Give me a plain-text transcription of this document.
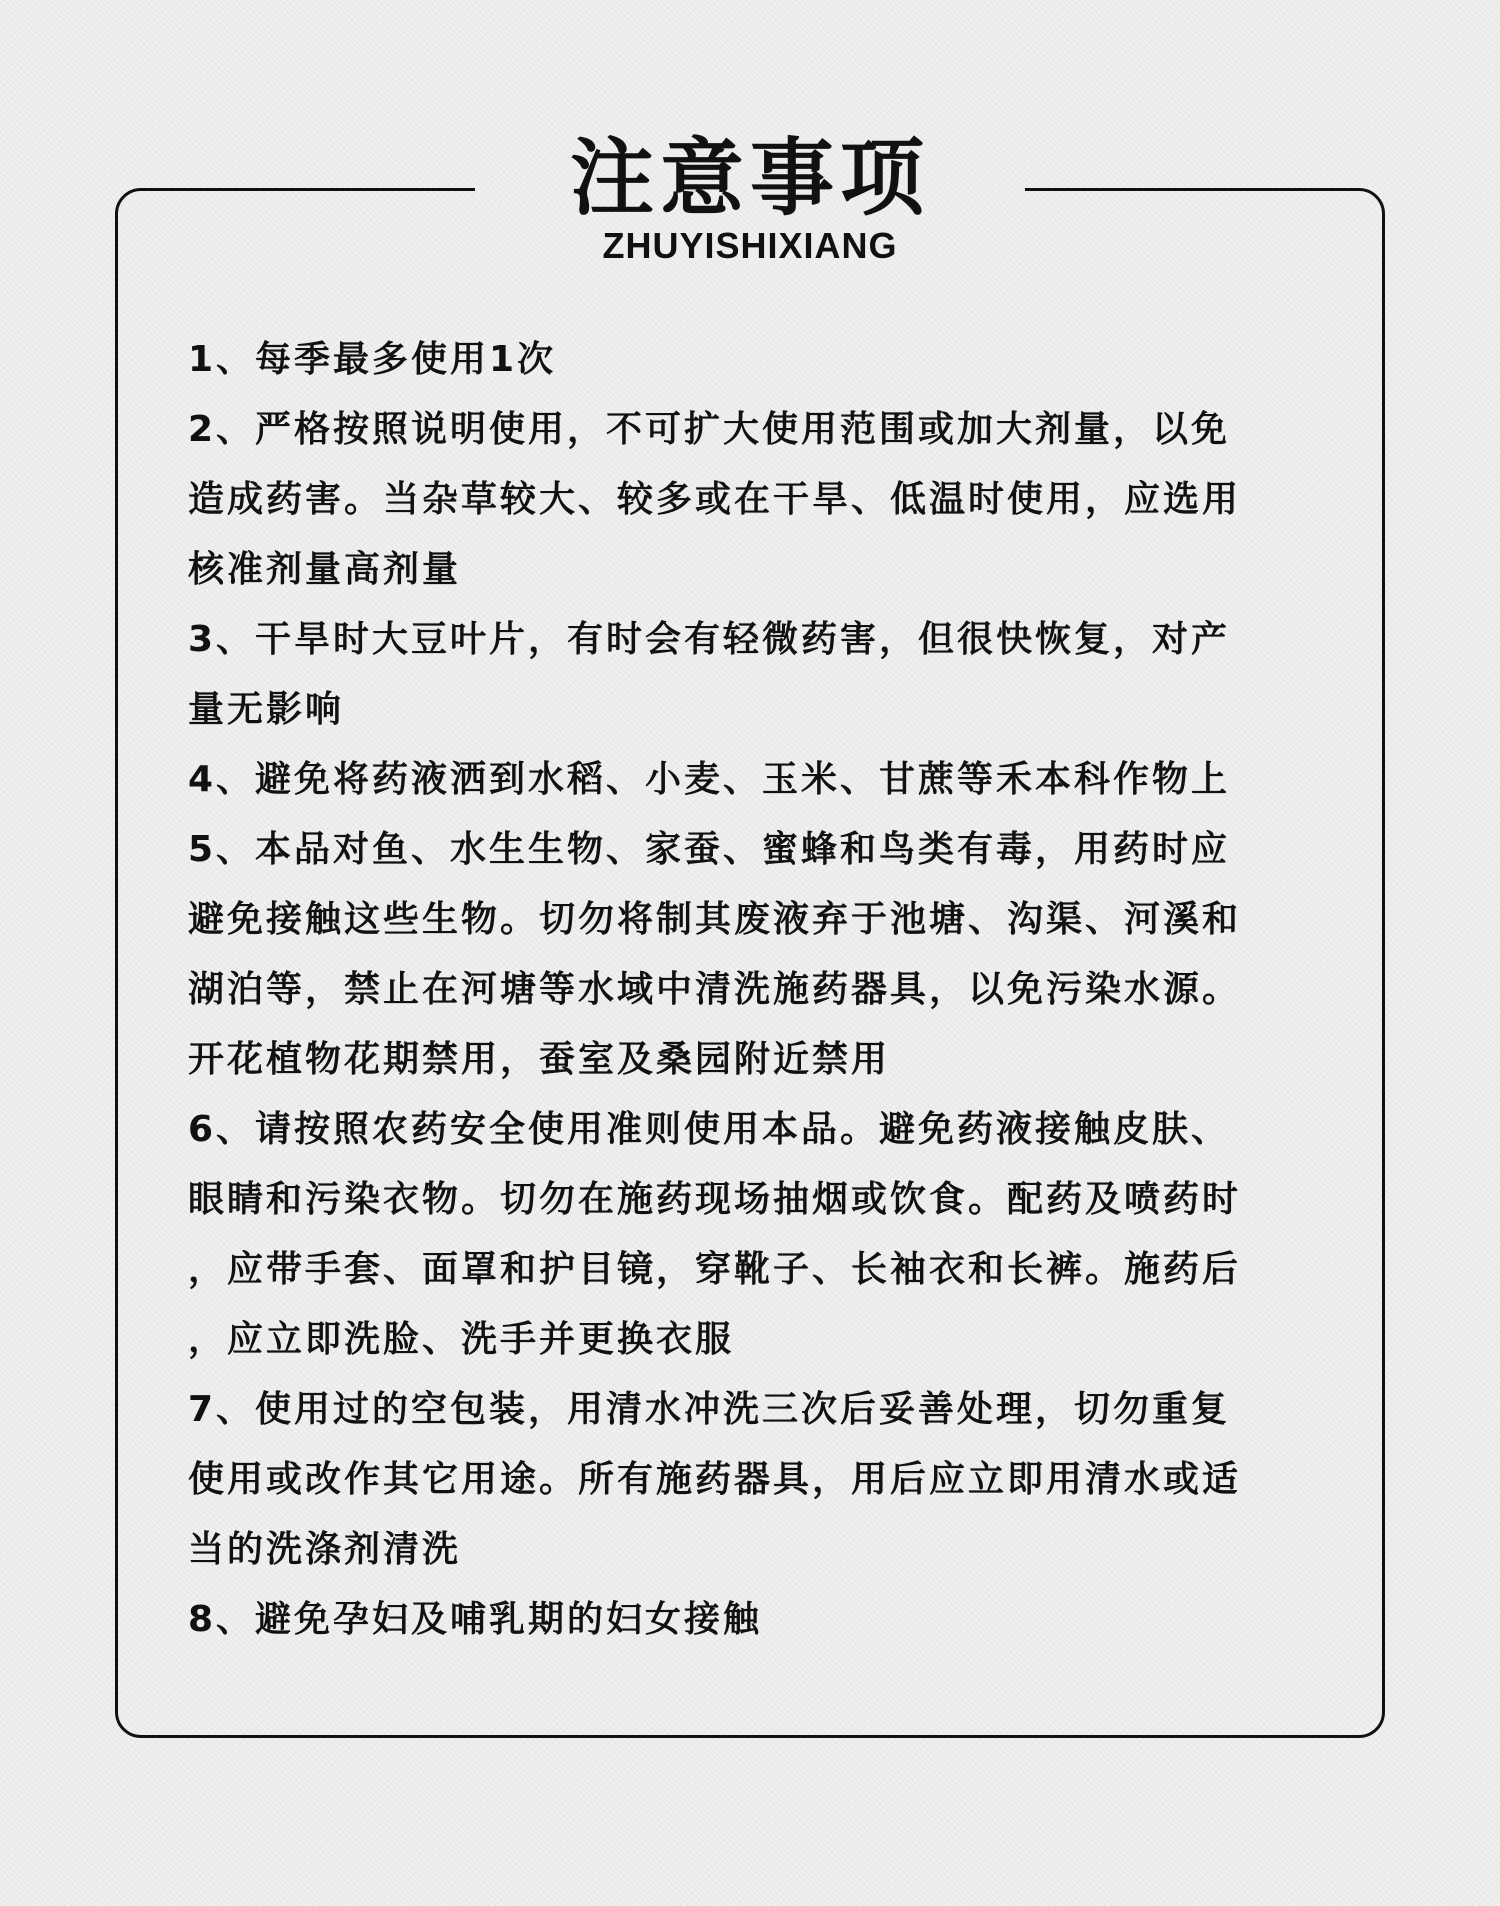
注意事项
ZHUYISHIXIANG
1、每季最多使用1次
2、严格按照说明使用，不可扩大使用范围或加大剂量，以免
造成药害。当杂草较大、较多或在干旱、低温时使用，应选用
核准剂量高剂量
3、干旱时大豆叶片，有时会有轻微药害，但很快恢复，对产
量无影响
4、避免将药液洒到水稻、小麦、玉米、甘蔗等禾本科作物上
5、本品对鱼、水生生物、家蚕、蜜蜂和鸟类有毒，用药时应
避免接触这些生物。切勿将制其废液弃于池塘、沟渠、河溪和
湖泊等，禁止在河塘等水域中清洗施药器具，以免污染水源。
开花植物花期禁用，蚕室及桑园附近禁用
6、请按照农药安全使用准则使用本品。避免药液接触皮肤、
眼睛和污染衣物。切勿在施药现场抽烟或饮食。配药及喷药时
，应带手套、面罩和护目镜，穿靴子、长袖衣和长裤。施药后
，应立即洗脸、洗手并更换衣服
7、使用过的空包装，用清水冲洗三次后妥善处理，切勿重复
使用或改作其它用途。所有施药器具，用后应立即用清水或适
当的洗涤剂清洗
8、避免孕妇及哺乳期的妇女接触
